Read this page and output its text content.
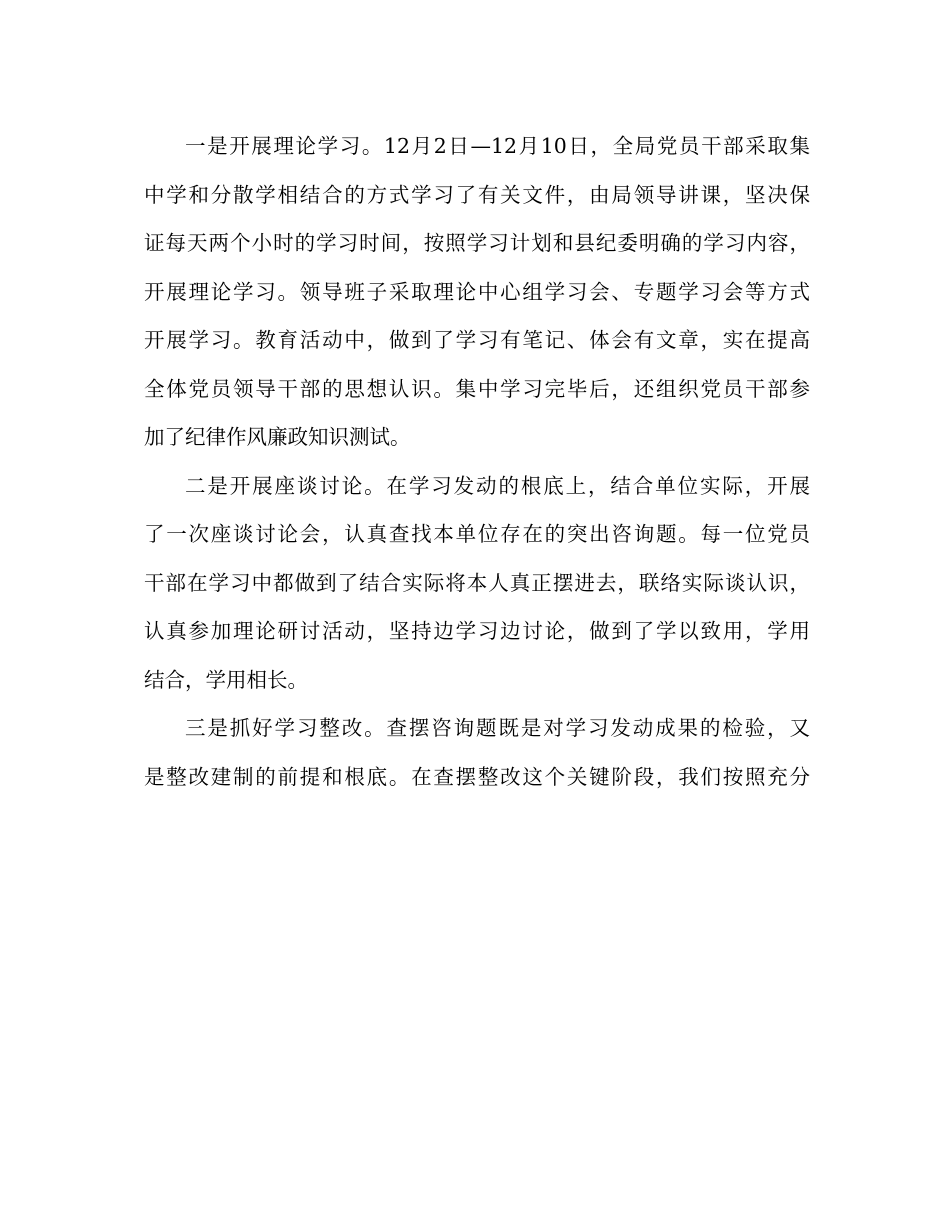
一是开展理论学习。12月2日—12月10日，全局党员干部采取集
中学和分散学相结合的方式学习了有关文件，由局领导讲课，坚决保
证每天两个小时的学习时间，按照学习计划和县纪委明确的学习内容，
开展理论学习。领导班子采取理论中心组学习会、专题学习会等方式
开展学习。教育活动中，做到了学习有笔记、体会有文章，实在提高
全体党员领导干部的思想认识。集中学习完毕后，还组织党员干部参
加了纪律作风廉政知识测试。
二是开展座谈讨论。在学习发动的根底上，结合单位实际，开展
了一次座谈讨论会，认真查找本单位存在的突出咨询题。每一位党员
干部在学习中都做到了结合实际将本人真正摆进去，联络实际谈认识，
认真参加理论研讨活动，坚持边学习边讨论，做到了学以致用，学用
结合，学用相长。
三是抓好学习整改。查摆咨询题既是对学习发动成果的检验，又
是整改建制的前提和根底。在查摆整改这个关键阶段，我们按照充分
